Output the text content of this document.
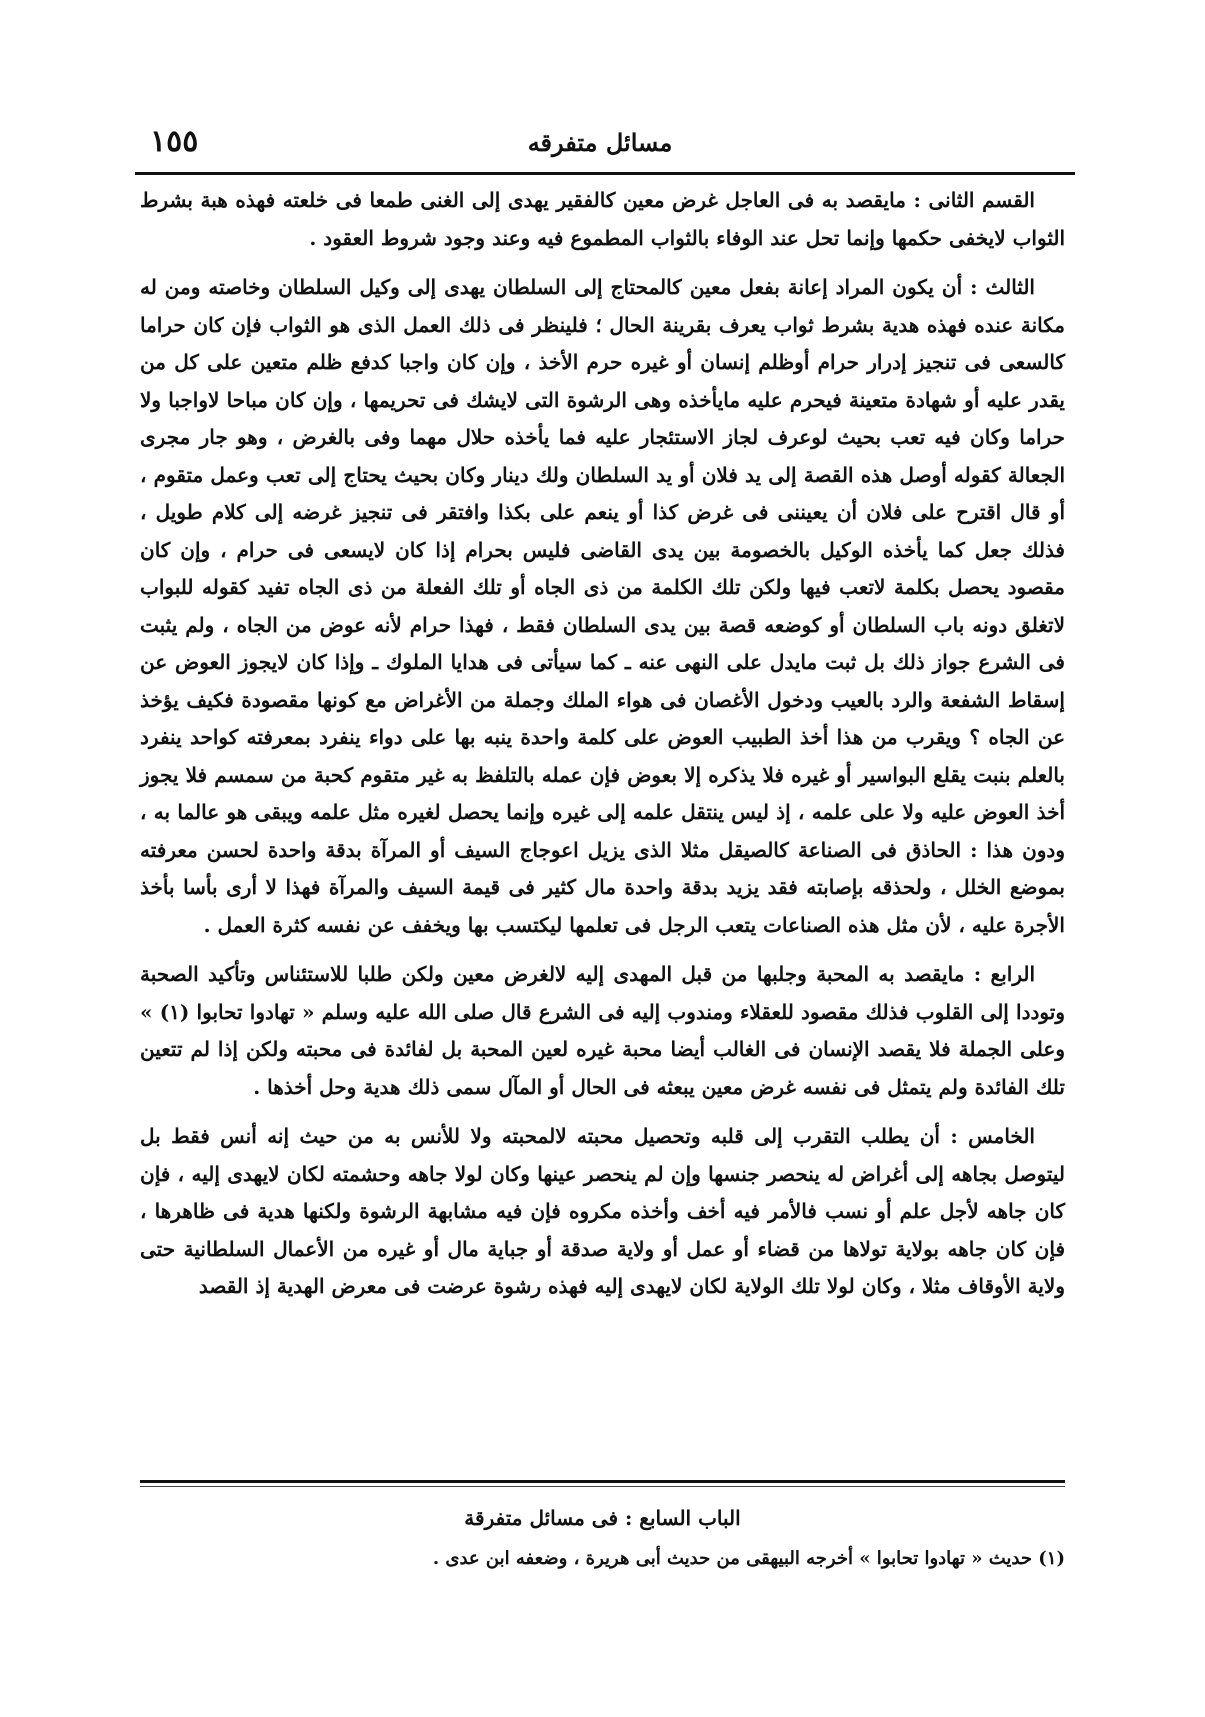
١٥٥	مسائل متفرقه

القسم الثانى : مايقصد به فى العاجل غرض معين كالفقير يهدى إلى الغنى طمعا فى خلعته فهذه هبة بشرط الثواب لايخفى حكمها وإنما تحل عند الوفاء بالثواب المطموع فيه وعند وجود شروط العقود .

الثالث : أن يكون المراد إعانة بفعل معين كالمحتاج إلى السلطان يهدى إلى وكيل السلطان وخاصته ومن له مكانة عنده فهذه هدية بشرط ثواب يعرف بقرينة الحال ؛ فلينظر فى ذلك العمل الذى هو الثواب فإن كان حراما كالسعى فى تنجيز إدرار حرام أوظلم إنسان أو غيره حرم الأخذ ، وإن كان واجبا كدفع ظلم متعين على كل من يقدر عليه أو شهادة متعينة فيحرم عليه مايأخذه وهى الرشوة التى لايشك فى تحريمها ، وإن كان مباحا لاواجبا ولا حراما وكان فيه تعب بحيث لوعرف لجاز الاستئجار عليه فما يأخذه حلال مهما وفى بالغرض ، وهو جار مجرى الجعالة كقوله أوصل هذه القصة إلى يد فلان أو يد السلطان ولك دينار وكان بحيث يحتاج إلى تعب وعمل متقوم ، أو قال اقترح على فلان أن يعيننى فى غرض كذا أو ينعم على بكذا وافتقر فى تنجيز غرضه إلى كلام طويل ، فذلك جعل كما يأخذه الوكيل بالخصومة بين يدى القاضى فليس بحرام إذا كان لايسعى فى حرام ، وإن كان مقصود يحصل بكلمة لاتعب فيها ولكن تلك الكلمة من ذى الجاه أو تلك الفعلة من ذى الجاه تفيد كقوله للبواب لاتغلق دونه باب السلطان أو كوضعه قصة بين يدى السلطان فقط ، فهذا حرام لأنه عوض من الجاه ، ولم يثبت فى الشرع جواز ذلك بل ثبت مايدل على النهى عنه ـ كما سيأتى فى هدايا الملوك ـ وإذا كان لايجوز العوض عن إسقاط الشفعة والرد بالعيب ودخول الأغصان فى هواء الملك وجملة من الأغراض مع كونها مقصودة فكيف يؤخذ عن الجاه ؟ ويقرب من هذا أخذ الطبيب العوض على كلمة واحدة ينبه بها على دواء ينفرد بمعرفته كواحد ينفرد بالعلم بنبت يقلع البواسير أو غيره فلا يذكره إلا بعوض فإن عمله بالتلفظ به غير متقوم كحبة من سمسم فلا يجوز أخذ العوض عليه ولا على علمه ، إذ ليس ينتقل علمه إلى غيره وإنما يحصل لغيره مثل علمه ويبقى هو عالما به ، ودون هذا : الحاذق فى الصناعة كالصيقل مثلا الذى يزيل اعوجاج السيف أو المرآة بدقة واحدة لحسن معرفته بموضع الخلل ، ولحذقه بإصابته فقد يزيد بدقة واحدة مال كثير فى قيمة السيف والمرآة فهذا لا أرى بأسا بأخذ الأجرة عليه ، لأن مثل هذه الصناعات يتعب الرجل فى تعلمها ليكتسب بها ويخفف عن نفسه كثرة العمل .

الرابع : مايقصد به المحبة وجلبها من قبل المهدى إليه لالغرض معين ولكن طلبا للاستئناس وتأكيد الصحبة وتوددا إلى القلوب فذلك مقصود للعقلاء ومندوب إليه فى الشرع قال صلى الله عليه وسلم « تهادوا تحابوا (١) » وعلى الجملة فلا يقصد الإنسان فى الغالب أيضا محبة غيره لعين المحبة بل لفائدة فى محبته ولكن إذا لم تتعين تلك الفائدة ولم يتمثل فى نفسه غرض معين يبعثه فى الحال أو المآل سمى ذلك هدية وحل أخذها .

الخامس : أن يطلب التقرب إلى قلبه وتحصيل محبته لالمحبته ولا للأنس به من حيث إنه أنس فقط بل ليتوصل بجاهه إلى أغراض له ينحصر جنسها وإن لم ينحصر عينها وكان لولا جاهه وحشمته لكان لايهدى إليه ، فإن كان جاهه لأجل علم أو نسب فالأمر فيه أخف وأخذه مكروه فإن فيه مشابهة الرشوة ولكنها هدية فى ظاهرها ، فإن كان جاهه بولاية تولاها من قضاء أو عمل أو ولاية صدقة أو جباية مال أو غيره من الأعمال السلطانية حتى ولاية الأوقاف مثلا ، وكان لولا تلك الولاية لكان لايهدى إليه فهذه رشوة عرضت فى معرض الهدية إذ القصد

الباب السابع : فى مسائل متفرقة
(١) حديث « تهادوا تحابوا » أخرجه البيهقى من حديث أبى هريرة ، وضعفه ابن عدى .
